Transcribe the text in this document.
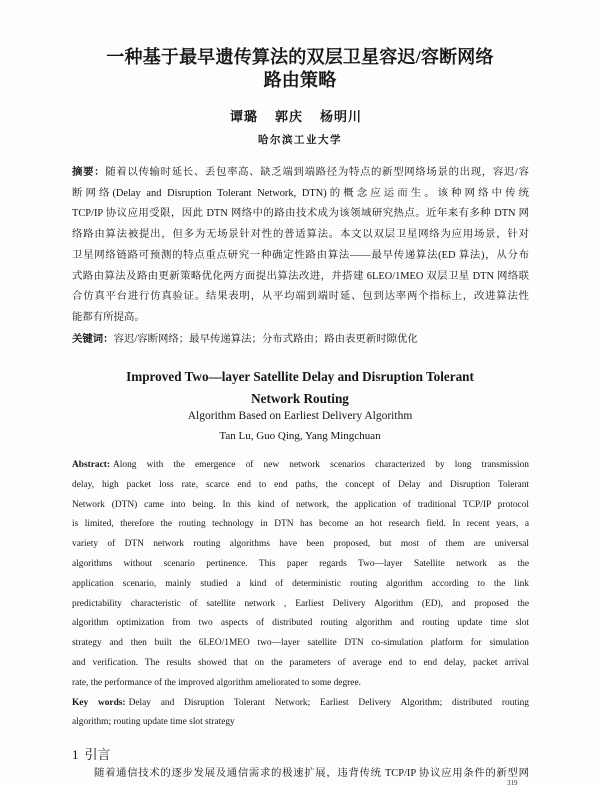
一种基于最早遗传算法的双层卫星容迟/容断网络
路由策略
谭璐 郭庆 杨明川
哈尔滨工业大学
摘要：随着以传输时延长、丢包率高、缺乏端到端路径为特点的新型网络场景的出现，容迟/容
断网络(Delay and Disruption Tolerant Network, DTN)的概念应运而生。该种网络中传统
TCP/IP 协议应用受限，因此 DTN 网络中的路由技术成为该领域研究热点。近年来有多种 DTN 网
络路由算法被提出，但多为无场景针对性的普适算法。本文以双层卫星网络为应用场景，针对
卫星网络链路可预测的特点重点研究一种确定性路由算法——最早传递算法(ED 算法)，从分布
式路由算法及路由更新策略优化两方面提出算法改进，并搭建 6LEO/1MEO 双层卫星 DTN 网络联
合仿真平台进行仿真验证。结果表明，从平均端到端时延、包到达率两个指标上，改进算法性
能都有所提高。
关键词：容迟/容断网络；最早传递算法；分布式路由；路由表更新时隙优化
Improved Two—layer Satellite Delay and Disruption Tolerant
Network Routing
Algorithm Based on Earliest Delivery Algorithm
Tan Lu, Guo Qing, Yang Mingchuan
Abstract: Along with the emergence of new network scenarios characterized by long transmission
delay, high packet loss rate, scarce end to end paths, the concept of Delay and Disruption Tolerant
Network (DTN) came into being. In this kind of network, the application of traditional TCP/IP protocol
is limited, therefore the routing technology in DTN has become an hot research field. In recent years, a
variety of DTN network routing algorithms have been proposed, but most of them are universal
algorithms without scenario pertinence. This paper regards Two—layer Satellite network as the
application scenario, mainly studied a kind of deterministic routing algorithm according to the link
predictability characteristic of satellite network , Earliest Delivery Algorithm (ED), and proposed the
algorithm optimization from two aspects of distributed routing algorithm and routing update time slot
strategy and then built the 6LEO/1MEO two—layer satellite DTN co-simulation platform for simulation
and verification. The results showed that on the parameters of average end to end delay, packet arrival
rate, the performance of the improved algorithm ameliorated to some degree.
Key words: Delay and Disruption Tolerant Network; Earliest Delivery Algorithm; distributed routing
algorithm; routing update time slot strategy
1 引言
随着通信技术的逐步发展及通信需求的极速扩展，违背传统 TCP/IP 协议应用条件的新型网
319
